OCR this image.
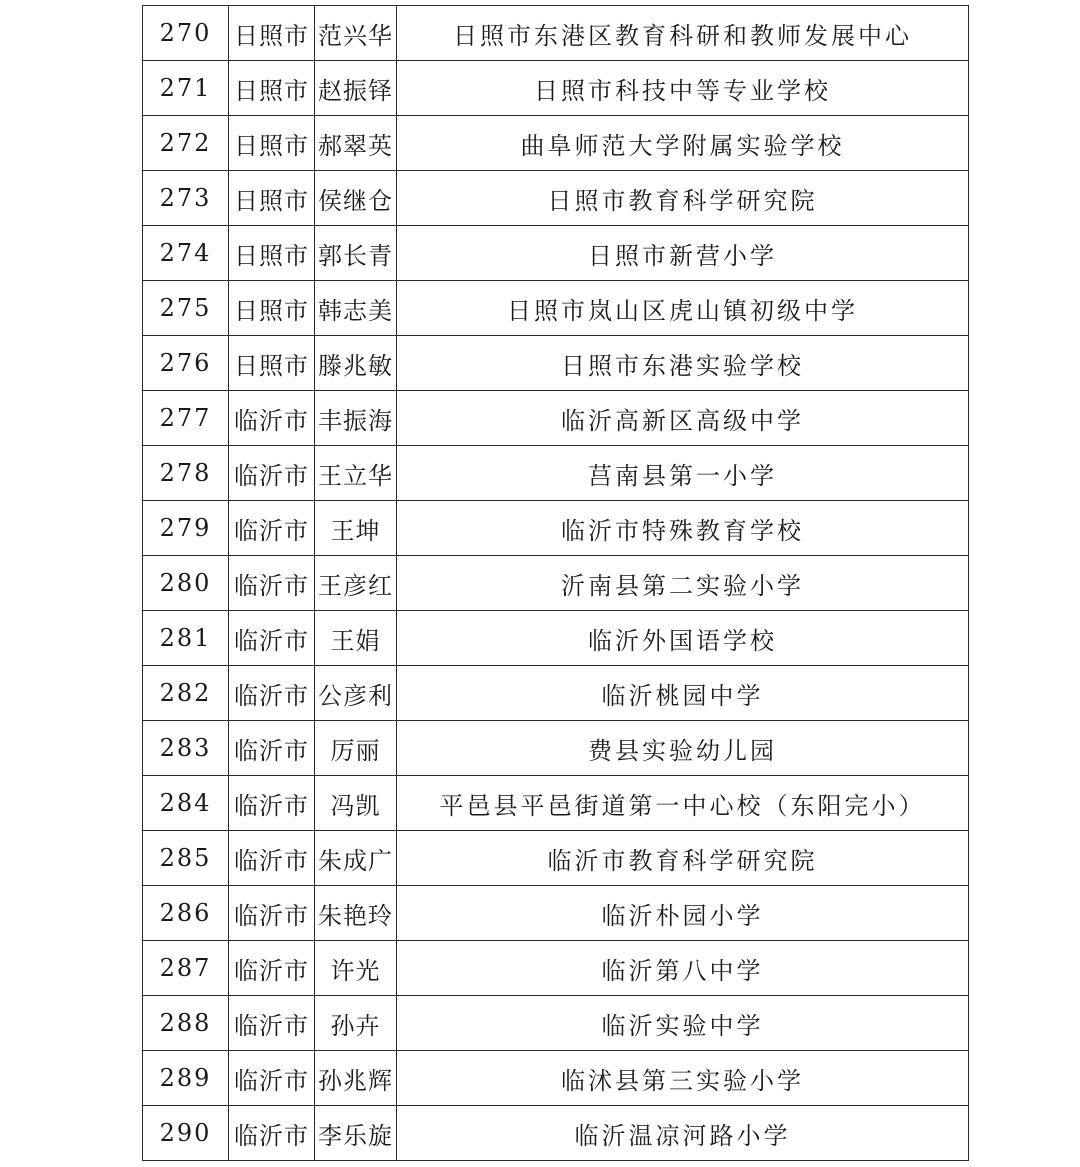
270	日照市	范兴华	日照市东港区教育科研和教师发展中心
271	日照市	赵振铎	日照市科技中等专业学校
272	日照市	郝翠英	曲阜师范大学附属实验学校
273	日照市	侯继仓	日照市教育科学研究院
274	日照市	郭长青	日照市新营小学
275	日照市	韩志美	日照市岚山区虎山镇初级中学
276	日照市	滕兆敏	日照市东港实验学校
277	临沂市	丰振海	临沂高新区高级中学
278	临沂市	王立华	莒南县第一小学
279	临沂市	王坤	临沂市特殊教育学校
280	临沂市	王彦红	沂南县第二实验小学
281	临沂市	王娟	临沂外国语学校
282	临沂市	公彦利	临沂桃园中学
283	临沂市	厉丽	费县实验幼儿园
284	临沂市	冯凯	平邑县平邑街道第一中心校（东阳完小）
285	临沂市	朱成广	临沂市教育科学研究院
286	临沂市	朱艳玲	临沂朴园小学
287	临沂市	许光	临沂第八中学
288	临沂市	孙卉	临沂实验中学
289	临沂市	孙兆辉	临沭县第三实验小学
290	临沂市	李乐旋	临沂温凉河路小学
